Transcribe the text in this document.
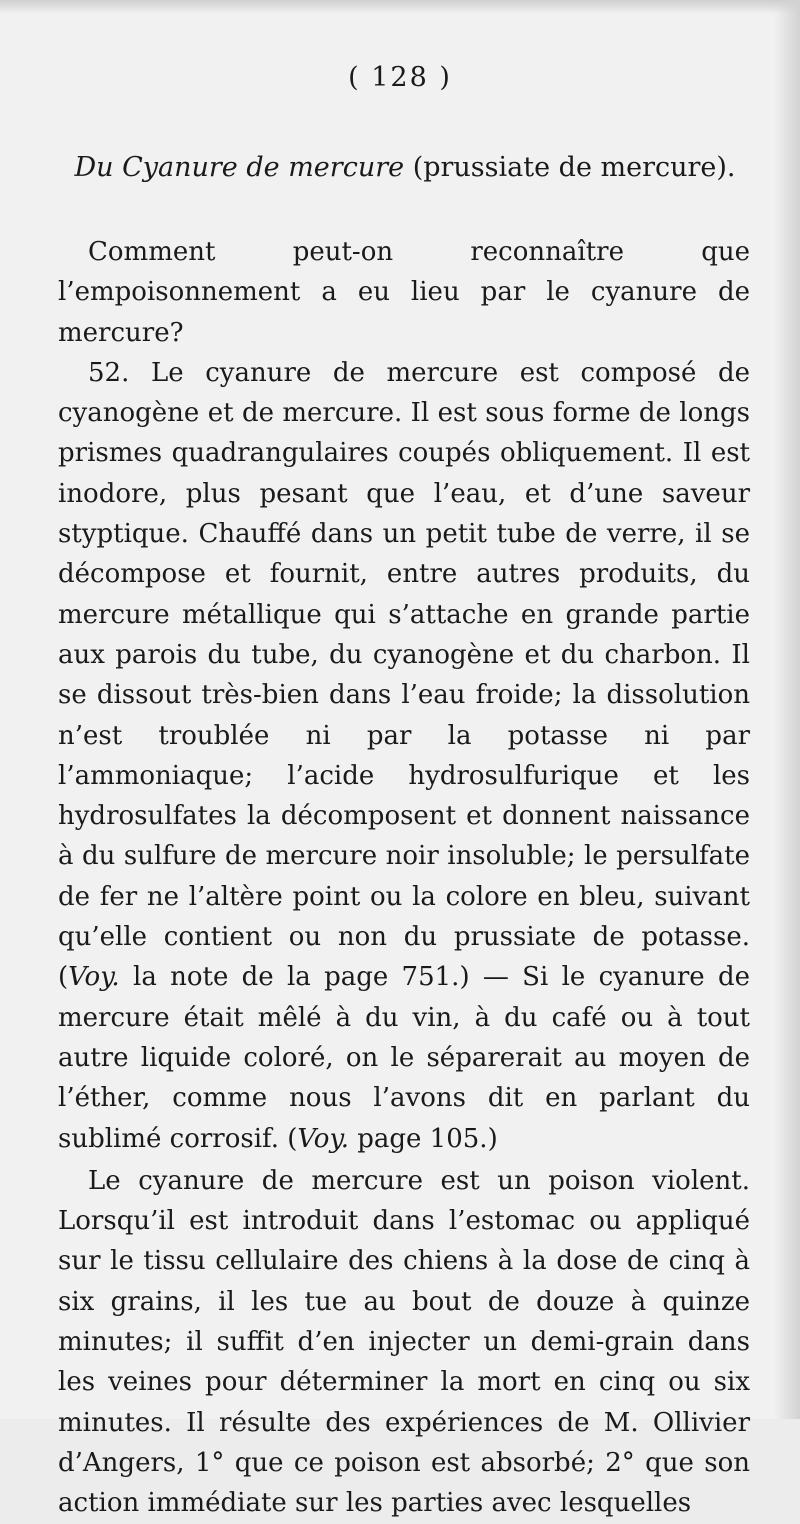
( 128 )
Du Cyanure de mercure (prussiate de mercure).

Comment peut-on reconnaître que l’empoisonnement a eu lieu par le cyanure de mercure?

52. Le cyanure de mercure est composé de cyanogène et de mercure. Il est sous forme de longs prismes quadrangulaires coupés obliquement. Il est inodore, plus pesant que l’eau, et d’une saveur styptique. Chauffé dans un petit tube de verre, il se décompose et fournit, entre autres produits, du mercure métallique qui s’attache en grande partie aux parois du tube, du cyanogène et du charbon. Il se dissout très-bien dans l’eau froide; la dissolution n’est troublée ni par la potasse ni par l’ammoniaque; l’acide hydrosulfurique et les hydrosulfates la décomposent et donnent naissance à du sulfure de mercure noir insoluble; le persulfate de fer ne l’altère point ou la colore en bleu, suivant qu’elle contient ou non du prussiate de potasse. (Voy. la note de la page 751.) — Si le cyanure de mercure était mêlé à du vin, à du café ou à tout autre liquide coloré, on le séparerait au moyen de l’éther, comme nous l’avons dit en parlant du sublimé corrosif. (Voy. page 105.)

Le cyanure de mercure est un poison violent. Lorsqu’il est introduit dans l’estomac ou appliqué sur le tissu cellulaire des chiens à la dose de cinq à six grains, il les tue au bout de douze à quinze minutes; il suffit d’en injecter un demi-grain dans les veines pour déterminer la mort en cinq ou six minutes. Il résulte des expériences de M. Ollivier d’Angers, 1° que ce poison est absorbé; 2° que son action immédiate sur les parties avec lesquelles
